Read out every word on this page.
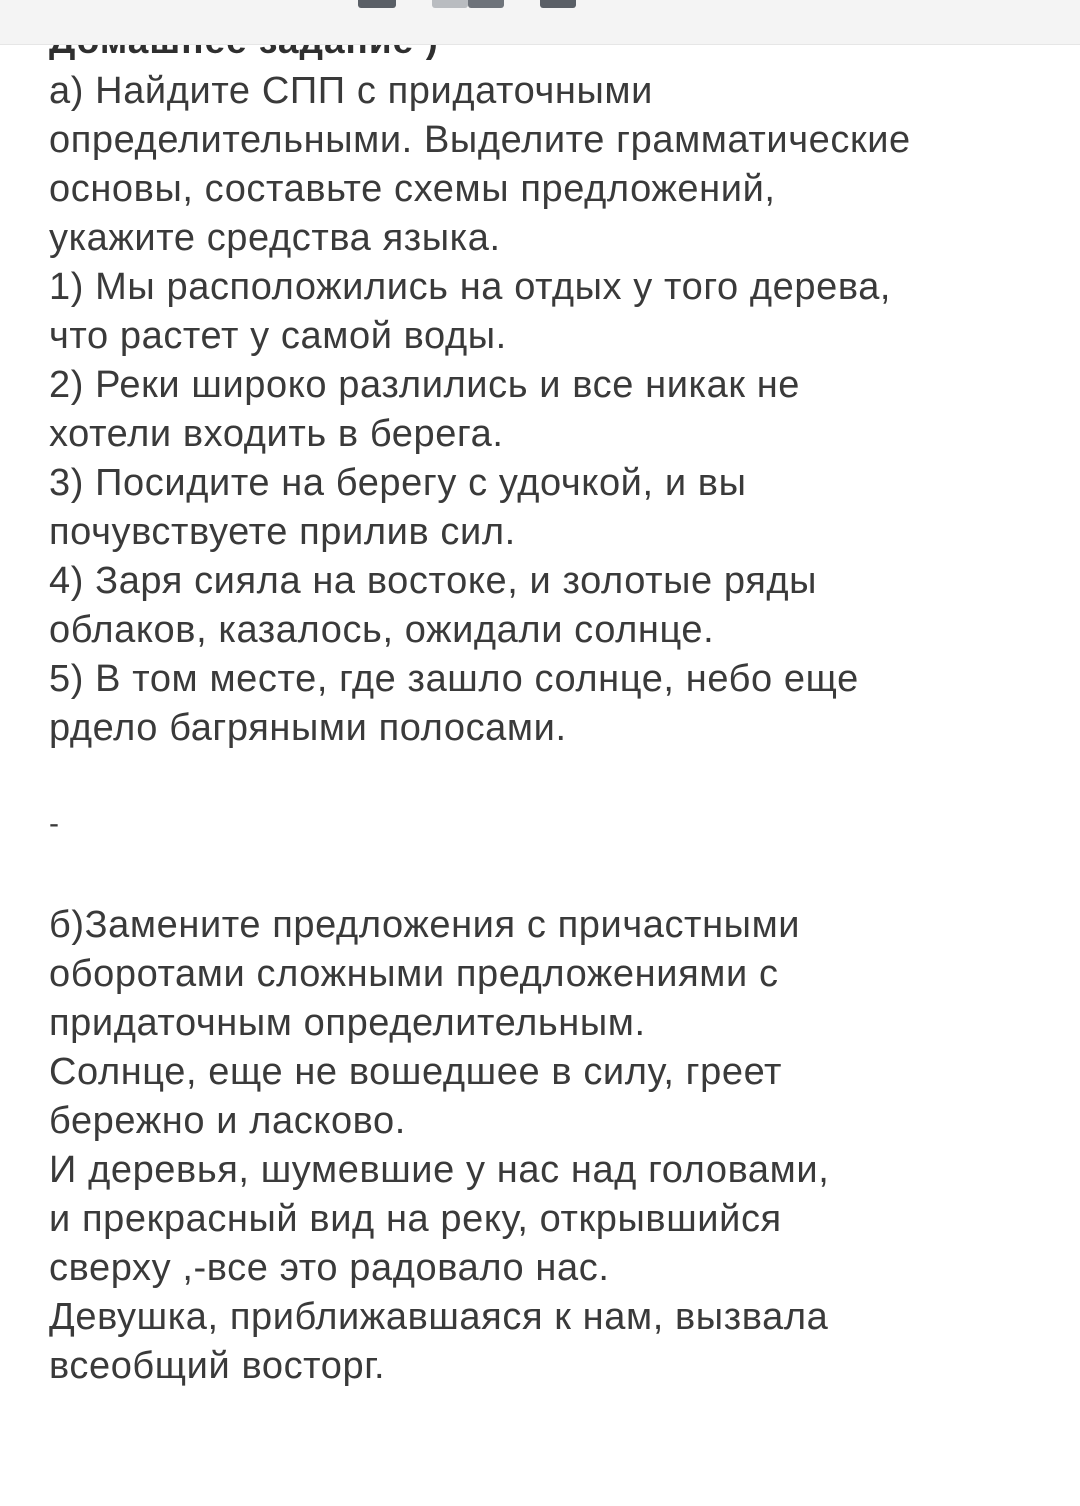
а) Найдите СПП с придаточными
определительными. Выделите грамматические
основы, составьте схемы предложений,
укажите средства языка.
1) Мы расположились на отдых у того дерева,
что растет у самой воды.
2) Реки широко разлились и все никак не
хотели входить в берега.
3) Посидите на берегу с удочкой, и вы
почувствуете прилив сил.
4) Заря сияла на востоке, и золотые ряды
облаков, казалось, ожидали солнце.
5) В том месте, где зашло солнце, небо еще
рдело багряными полосами.
-
б)Замените предложения с причастными
оборотами сложными предложениями с
придаточным определительным.
Солнце, еще не вошедшее в силу, греет
бережно и ласково.
И деревья, шумевшие у нас над головами,
и прекрасный вид на реку, открывшийся
сверху ,-все это радовало нас.
Девушка, приближавшаяся к нам, вызвала
всеобщий восторг.
